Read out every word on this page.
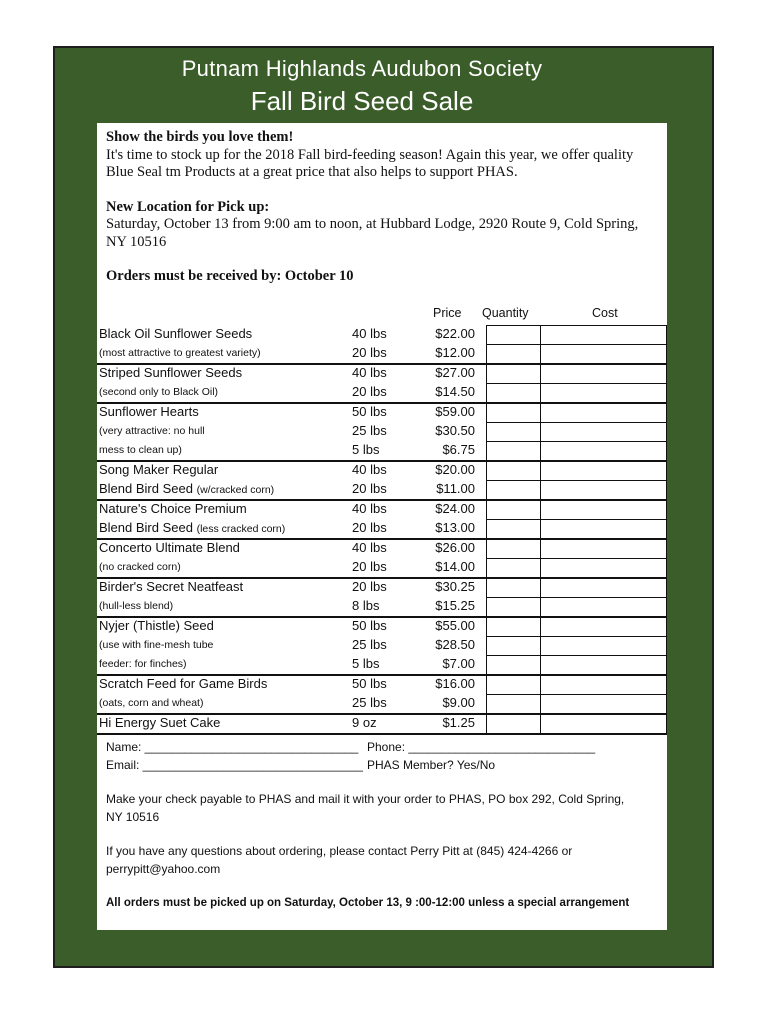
Putnam Highlands Audubon Society
Fall Bird Seed Sale
Show the birds you love them!
It's time to stock up for the 2018 Fall bird-feeding season! Again this year, we offer quality Blue Seal tm Products at a great price that also helps to support PHAS.
New Location for Pick up:
Saturday, October 13 from 9:00 am to noon, at Hubbard Lodge, 2920 Route 9, Cold Spring, NY 10516
Orders must be received by: October 10
Price Quantity	Cost
Black Oil Sunflower Seeds	40 lbs	$22.00
(most attractive to greatest variety)	20 lbs	$12.00
Striped Sunflower Seeds	40 lbs	$27.00
(second only to Black Oil)	20 lbs	$14.50
Sunflower Hearts	50 lbs	$59.00
(very attractive: no hull	25 lbs	$30.50
mess to clean up)	5 lbs	$6.75
Song Maker Regular	40 lbs	$20.00
Blend Bird Seed (w/cracked corn)	20 lbs	$11.00
Nature's Choice Premium	40 lbs	$24.00
Blend Bird Seed (less cracked corn)	20 lbs	$13.00
Concerto Ultimate Blend	40 lbs	$26.00
(no cracked corn)	20 lbs	$14.00
Birder's Secret Neatfeast	20 lbs	$30.25
(hull-less blend)	8 lbs	$15.25
Nyjer (Thistle) Seed	50 lbs	$55.00
(use with fine-mesh tube	25 lbs	$28.50
feeder: for finches)	5 lbs	$7.00
Scratch Feed for Game Birds	50 lbs	$16.00
(oats, corn and wheat)	25 lbs	$9.00
Hi Energy Suet Cake	9 oz	$1.25
Name: ________________________________ Phone: ____________________________
Email: _________________________________ PHAS Member? Yes/No
Make your check payable to PHAS and mail it with your order to PHAS, PO box 292, Cold Spring,
NY 10516
If you have any questions about ordering, please contact Perry Pitt at (845) 424-4266 or
perrypitt@yahoo.com
All orders must be picked up on Saturday, October 13, 9 :00-12:00 unless a special arrangement
